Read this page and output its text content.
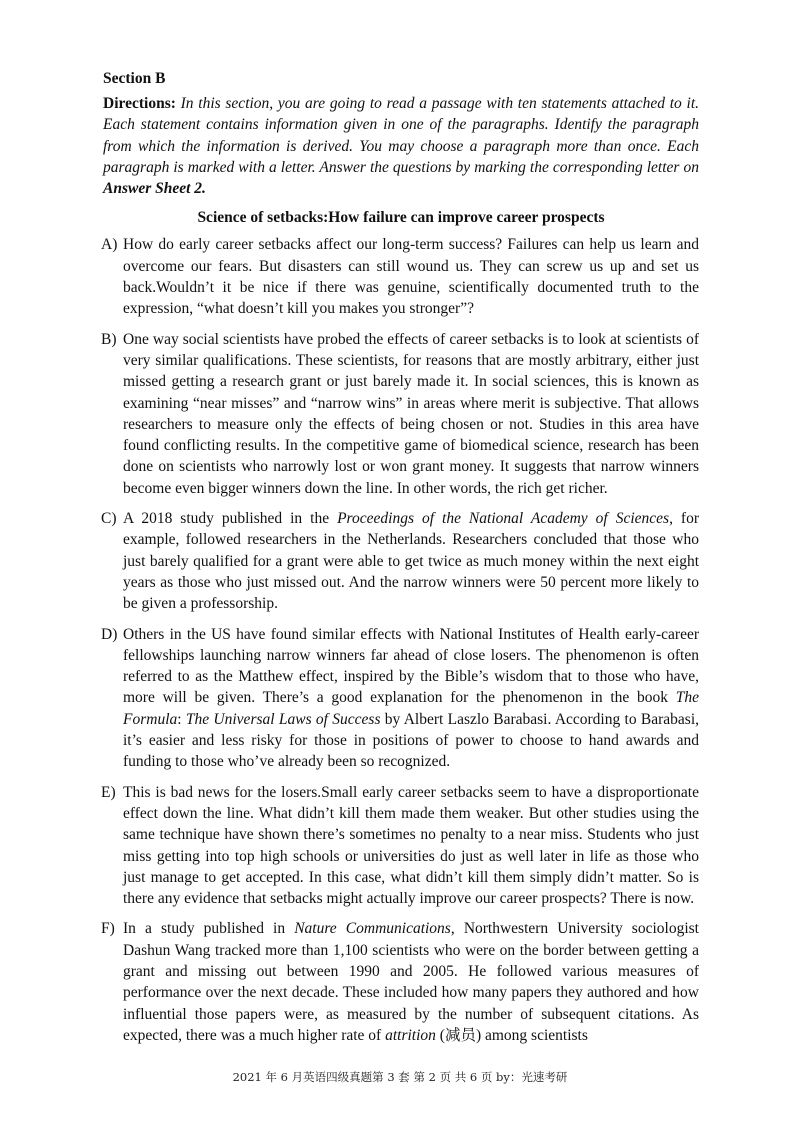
Section B

Directions: In this section, you are going to read a passage with ten statements attached to it. Each statement contains information given in one of the paragraphs. Identify the paragraph from which the information is derived. You may choose a paragraph more than once. Each paragraph is marked with a letter. Answer the questions by marking the corresponding letter on Answer Sheet 2.

Science of setbacks:How failure can improve career prospects

A) How do early career setbacks affect our long-term success? Failures can help us learn and overcome our fears. But disasters can still wound us. They can screw us up and set us back.Wouldn’t it be nice if there was genuine, scientifically documented truth to the expression, “what doesn’t kill you makes you stronger”?

B) One way social scientists have probed the effects of career setbacks is to look at scientists of very similar qualifications. These scientists, for reasons that are mostly arbitrary, either just missed getting a research grant or just barely made it. In social sciences, this is known as examining “near misses” and “narrow wins” in areas where merit is subjective. That allows researchers to measure only the effects of being chosen or not. Studies in this area have found conflicting results. In the competitive game of biomedical science, research has been done on scientists who narrowly lost or won grant money. It suggests that narrow winners become even bigger winners down the line. In other words, the rich get richer.

C) A 2018 study published in the Proceedings of the National Academy of Sciences, for example, followed researchers in the Netherlands. Researchers concluded that those who just barely qualified for a grant were able to get twice as much money within the next eight years as those who just missed out. And the narrow winners were 50 percent more likely to be given a professorship.

D) Others in the US have found similar effects with National Institutes of Health early-career fellowships launching narrow winners far ahead of close losers. The phenomenon is often referred to as the Matthew effect, inspired by the Bible’s wisdom that to those who have, more will be given. There’s a good explanation for the phenomenon in the book The Formula: The Universal Laws of Success by Albert Laszlo Barabasi. According to Barabasi, it’s easier and less risky for those in positions of power to choose to hand awards and funding to those who’ve already been so recognized.

E) This is bad news for the losers.Small early career setbacks seem to have a disproportionate effect down the line. What didn’t kill them made them weaker. But other studies using the same technique have shown there’s sometimes no penalty to a near miss. Students who just miss getting into top high schools or universities do just as well later in life as those who just manage to get accepted. In this case, what didn’t kill them simply didn’t matter. So is there any evidence that setbacks might actually improve our career prospects? There is now.

F) In a study published in Nature Communications, Northwestern University sociologist Dashun Wang tracked more than 1,100 scientists who were on the border between getting a grant and missing out between 1990 and 2005. He followed various measures of performance over the next decade. These included how many papers they authored and how influential those papers were, as measured by the number of subsequent citations. As expected, there was a much higher rate of attrition (减员) among scientists

2021 年 6 月英语四级真题第 3 套 第 2 页 共 6 页 by：光速考研
